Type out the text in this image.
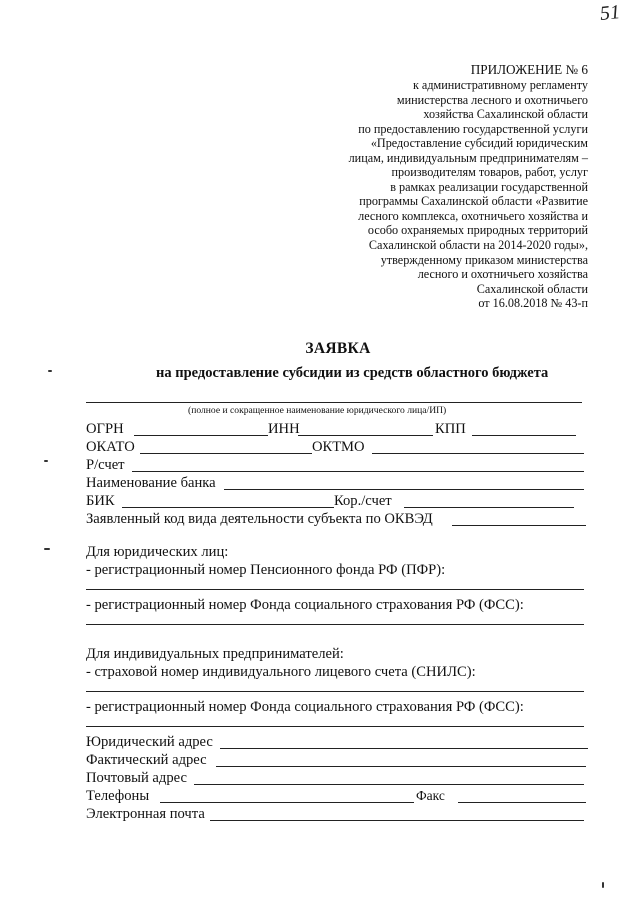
51
ПРИЛОЖЕНИЕ № 6
к административному регламенту
министерства лесного и охотничьего
хозяйства Сахалинской области
по предоставлению государственной услуги
«Предоставление субсидий юридическим
лицам, индивидуальным предпринимателям –
производителям товаров, работ, услуг
в рамках реализации государственной
программы Сахалинской области «Развитие
лесного комплекса, охотничьего хозяйства и
особо охраняемых природных территорий
Сахалинской области на 2014-2020 годы»,
утвержденному приказом министерства
лесного и охотничьего хозяйства
Сахалинской области
от 16.08.2018 № 43-п
ЗАЯВКА
на предоставление субсидии из средств областного бюджета
(полное и сокращенное наименование юридического лица/ИП)
ОГРН	ИНН	КПП
ОКАТО	ОКТМО
Р/счет
Наименование банка
БИК	Кор./счет
Заявленный код вида деятельности субъекта по ОКВЭД
Для юридических лиц:
- регистрационный номер Пенсионного фонда РФ (ПФР):
- регистрационный номер Фонда социального страхования РФ (ФСС):
Для индивидуальных предпринимателей:
- страховой номер индивидуального лицевого счета (СНИЛС):
- регистрационный номер Фонда социального страхования РФ (ФСС):
Юридический адрес
Фактический адрес
Почтовый адрес
Телефоны	Факс
Электронная почта
